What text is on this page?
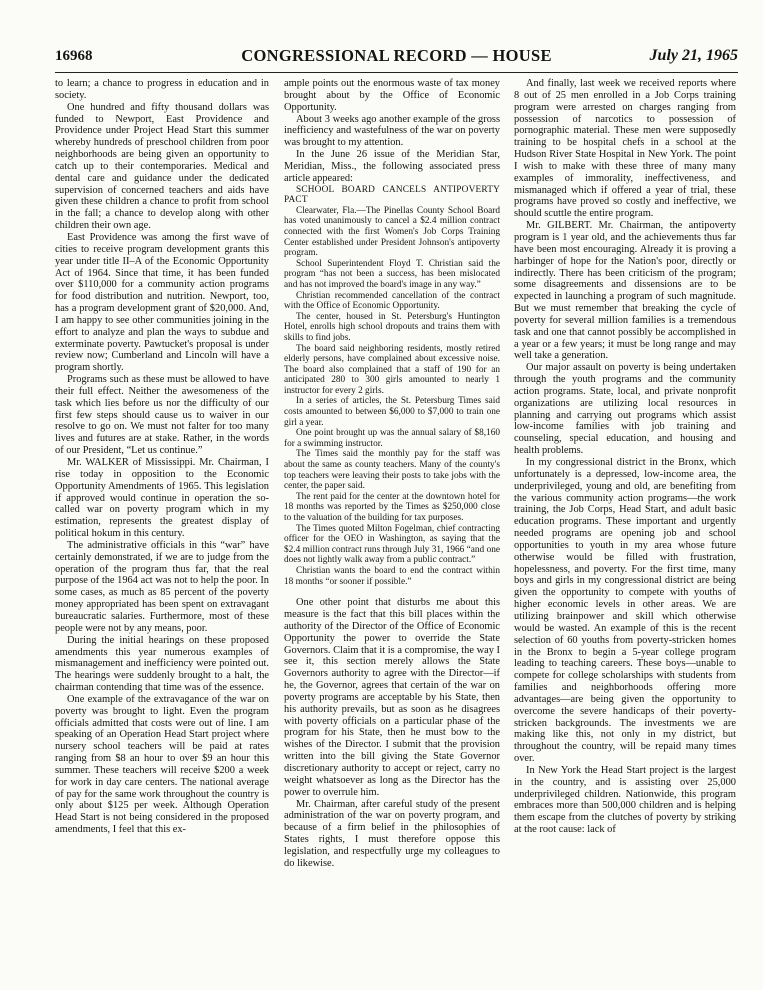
16968	CONGRESSIONAL RECORD — HOUSE	July 21, 1965

to learn; a chance to progress in education and in society.

One hundred and fifty thousand dollars was funded to Newport, East Providence and Providence under Project Head Start this summer whereby hundreds of preschool children from poor neighborhoods are being given an opportunity to catch up to their contemporaries. Medical and dental care and guidance under the dedicated supervision of concerned teachers and aids have given these children a chance to profit from school in the fall; a chance to develop along with other children their own age.

East Providence was among the first wave of cities to receive program development grants this year under title II–A of the Economic Opportunity Act of 1964. Since that time, it has been funded over $110,000 for a community action programs for food distribution and nutrition. Newport, too, has a program development grant of $20,000. And, I am happy to see other communities joining in the effort to analyze and plan the ways to subdue and exterminate poverty. Pawtucket's proposal is under review now; Cumberland and Lincoln will have a program shortly.

Programs such as these must be allowed to have their full effect. Neither the awesomeness of the task which lies before us nor the difficulty of our first few steps should cause us to waiver in our resolve to go on. We must not falter for too many lives and futures are at stake. Rather, in the words of our President, “Let us continue.”

Mr. WALKER of Mississippi. Mr. Chairman, I rise today in opposition to the Economic Opportunity Amendments of 1965. This legislation if approved would continue in operation the so-called war on poverty program which in my estimation, represents the greatest display of political hokum in this century.

The administrative officials in this “war” have certainly demonstrated, if we are to judge from the operation of the program thus far, that the real purpose of the 1964 act was not to help the poor. In some cases, as much as 85 percent of the poverty money appropriated has been spent on extravagant bureaucratic salaries. Furthermore, most of these people were not by any means, poor.

During the initial hearings on these proposed amendments this year numerous examples of mismanagement and inefficiency were pointed out. The hearings were suddenly brought to a halt, the chairman contending that time was of the essence.

One example of the extravagance of the war on poverty was brought to light. Even the program officials admitted that costs were out of line. I am speaking of an Operation Head Start project where nursery school teachers will be paid at rates ranging from $8 an hour to over $9 an hour this summer. These teachers will receive $200 a week for work in day care centers. The national average of pay for the same work throughout the country is only about $125 per week. Although Operation Head Start is not being considered in the proposed amendments, I feel that this ex-

ample points out the enormous waste of tax money brought about by the Office of Economic Opportunity.

About 3 weeks ago another example of the gross inefficiency and wastefulness of the war on poverty was brought to my attention.

In the June 26 issue of the Meridian Star, Meridian, Miss., the following associated press article appeared:

SCHOOL BOARD CANCELS ANTIPOVERTY PACT

Clearwater, Fla.—The Pinellas County School Board has voted unanimously to cancel a $2.4 million contract connected with the first Women's Job Corps Training Center established under President Johnson's antipoverty program.

School Superintendent Floyd T. Christian said the program “has not been a success, has been mislocated and has not improved the board's image in any way.”

Christian recommended cancellation of the contract with the Office of Economic Opportunity.

The center, housed in St. Petersburg's Huntington Hotel, enrolls high school dropouts and trains them with skills to find jobs.

The board said neighboring residents, mostly retired elderly persons, have complained about excessive noise. The board also complained that a staff of 190 for an anticipated 280 to 300 girls amounted to nearly 1 instructor for every 2 girls.

In a series of articles, the St. Petersburg Times said costs amounted to between $6,000 to $7,000 to train one girl a year.

One point brought up was the annual salary of $8,160 for a swimming instructor.

The Times said the monthly pay for the staff was about the same as county teachers. Many of the county's top teachers were leaving their posts to take jobs with the center, the paper said.

The rent paid for the center at the downtown hotel for 18 months was reported by the Times as $250,000 close to the valuation of the building for tax purposes.

The Times quoted Milton Fogelman, chief contracting officer for the OEO in Washington, as saying that the $2.4 million contract runs through July 31, 1966 “and one does not lightly walk away from a public contract.”

Christian wants the board to end the contract within 18 months “or sooner if possible.”

One other point that disturbs me about this measure is the fact that this bill places within the authority of the Director of the Office of Economic Opportunity the power to override the State Governors. Claim that it is a compromise, the way I see it, this section merely allows the State Governors authority to agree with the Director—if he, the Governor, agrees that certain of the war on poverty programs are acceptable by his State, then his authority prevails, but as soon as he disagrees with poverty officials on a particular phase of the program for his State, then he must bow to the wishes of the Director. I submit that the provision written into the bill giving the State Governor discretionary authority to accept or reject, carry no weight whatsoever as long as the Director has the power to overrule him.

Mr. Chairman, after careful study of the present administration of the war on poverty program, and because of a firm belief in the philosophies of States rights, I must therefore oppose this legislation, and respectfully urge my colleagues to do likewise.

And finally, last week we received reports where 8 out of 25 men enrolled in a Job Corps training program were arrested on charges ranging from possession of narcotics to possession of pornographic material. These men were supposedly training to be hospital chefs in a school at the Hudson River State Hospital in New York. The point I wish to make with these three of many many examples of immorality, ineffectiveness, and mismanaged which if offered a year of trial, these programs have proved so costly and ineffective, we should scuttle the entire program.

Mr. GILBERT. Mr. Chairman, the antipoverty program is 1 year old, and the achievements thus far have been most encouraging. Already it is proving a harbinger of hope for the Nation's poor, directly or indirectly. There has been criticism of the program; some disagreements and dissensions are to be expected in launching a program of such magnitude. But we must remember that breaking the cycle of poverty for several million families is a tremendous task and one that cannot possibly be accomplished in a year or a few years; it must be long range and may well take a generation.

Our major assault on poverty is being undertaken through the youth programs and the community action programs. State, local, and private nonprofit organizations are utilizing local resources in planning and carrying out programs which assist low-income families with job training and counseling, special education, and housing and health problems.

In my congressional district in the Bronx, which unfortunately is a depressed, low-income area, the underprivileged, young and old, are benefiting from the various community action programs—the work training, the Job Corps, Head Start, and adult basic education programs. These important and urgently needed programs are opening job and school opportunities to youth in my area whose future otherwise would be filled with frustration, hopelessness, and poverty. For the first time, many boys and girls in my congressional district are being given the opportunity to compete with youths of higher economic levels in other areas. We are utilizing brainpower and skill which otherwise would be wasted. An example of this is the recent selection of 60 youths from poverty-stricken homes in the Bronx to begin a 5-year college program leading to teaching careers. These boys—unable to compete for college scholarships with students from families and neighborhoods offering more advantages—are being given the opportunity to overcome the severe handicaps of their poverty-stricken backgrounds. The investments we are making like this, not only in my district, but throughout the country, will be repaid many times over.

In New York the Head Start project is the largest in the country, and is assisting over 25,000 underprivileged children. Nationwide, this program embraces more than 500,000 children and is helping them escape from the clutches of poverty by striking at the root cause: lack of
